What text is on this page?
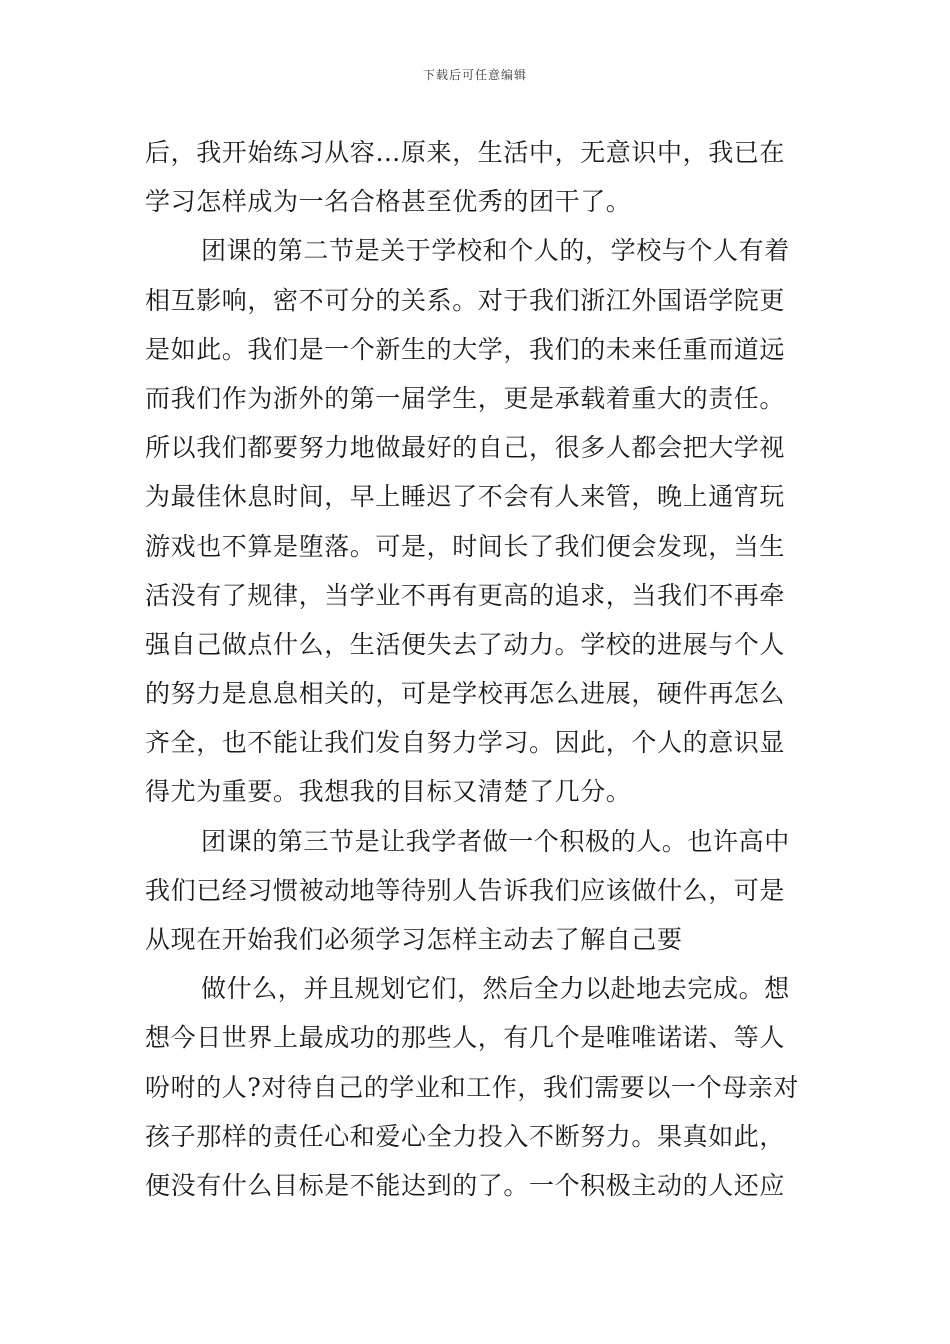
下载后可任意编辑
后，我开始练习从容…原来，生活中，无意识中，我已在
学习怎样成为一名合格甚至优秀的团干了。
团课的第二节是关于学校和个人的，学校与个人有着
相互影响，密不可分的关系。对于我们浙江外国语学院更
是如此。我们是一个新生的大学，我们的未来任重而道远
而我们作为浙外的第一届学生，更是承载着重大的责任。
所以我们都要努力地做最好的自己，很多人都会把大学视
为最佳休息时间，早上睡迟了不会有人来管，晚上通宵玩
游戏也不算是堕落。可是，时间长了我们便会发现，当生
活没有了规律，当学业不再有更高的追求，当我们不再牵
强自己做点什么，生活便失去了动力。学校的进展与个人
的努力是息息相关的，可是学校再怎么进展，硬件再怎么
齐全，也不能让我们发自努力学习。因此，个人的意识显
得尤为重要。我想我的目标又清楚了几分。
团课的第三节是让我学者做一个积极的人。也许高中
我们已经习惯被动地等待别人告诉我们应该做什么，可是
从现在开始我们必须学习怎样主动去了解自己要
做什么，并且规划它们，然后全力以赴地去完成。想
想今日世界上最成功的那些人，有几个是唯唯诺诺、等人
吩咐的人?对待自己的学业和工作，我们需要以一个母亲对
孩子那样的责任心和爱心全力投入不断努力。果真如此，
便没有什么目标是不能达到的了。一个积极主动的人还应
